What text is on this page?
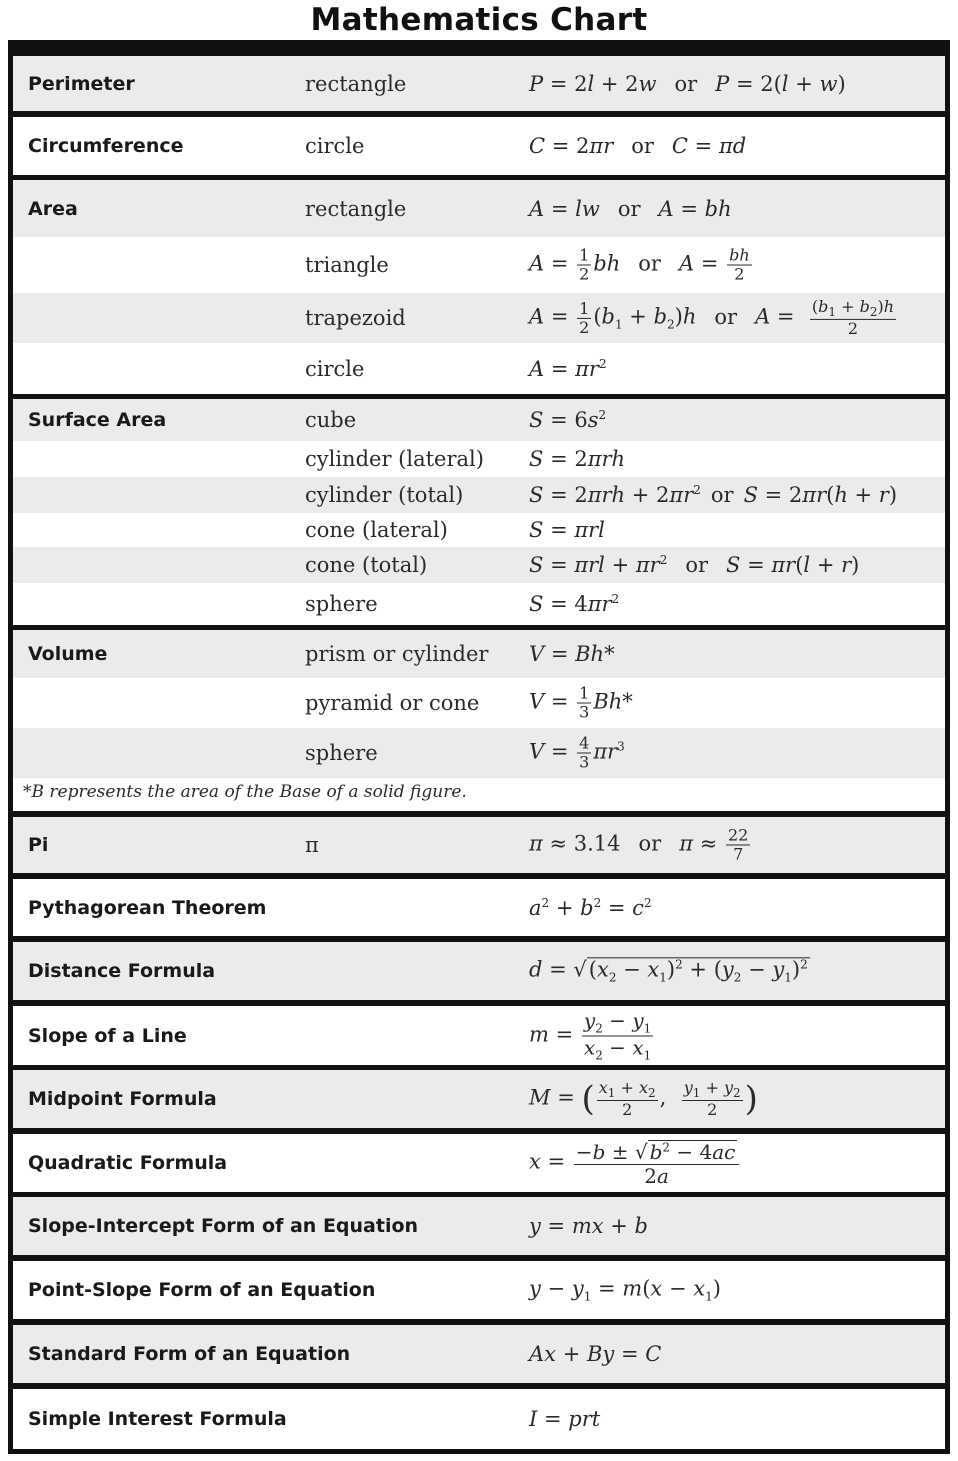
Mathematics Chart
Perimeter	rectangle	P = 2l + 2w or P = 2(l + w)
Circumference	circle	C = 2πr or C = πd
Area	rectangle	A = lw or A = bh
triangle	$A = \frac{1}{2}$ bh or $A = \frac{bh}{2}$
trapezoid	$A = \frac{1}{2} (b_1 + b_2)h$ or $A = \frac{(b_1 + b_2)h}{2}$
circle	$A = \pi r^2$
Surface Area	cube	$S = 6s^2$
cylinder (lateral) S = 2πrh
cylinder (total)	$S = 2\pi rh + 2\pi r^2$ or S = 2πr(h + r)
cone (lateral)	S = πrl
cone (total)	$S = \pi rl + \pi r^2$ or S = πr(l + r)
sphere	$S = 4\pi r^2$
Volume	prism or cylinder V = Bh*
pyramid or cone $V = \frac{1}{3} Bh*$
sphere	$V = \frac{4}{3} \pi r^3$
*B represents the area of the Base of a solid figure.
Pi	π	π ≈ 3.14 or $\pi \approx \frac{22}{7}$
Pythagorean Theorem	$a^2 + b^2 = c^2$
Distance Formula	$d = √(x_2 - x_1)^2 + (y_2 - y_1)^2$
Slope of a Line	$m = \frac{y_2 - y_1}{x_2 - x_1}$
Midpoint Formula	M = ( $\frac{x_1 + x_2}{2}$ , $\frac{y_1 + y_2}{2}$ )
Quadratic Formula	$x = \frac{-b \pm √ b^2 - 4ac}{2a}$
Slope-Intercept Form of an Equation	y = mx + b
Point-Slope Form of an Equation	$y - y_1 = m(x - x_1)$
Standard Form of an Equation	Ax + By = C
Simple Interest Formula	I = prt
